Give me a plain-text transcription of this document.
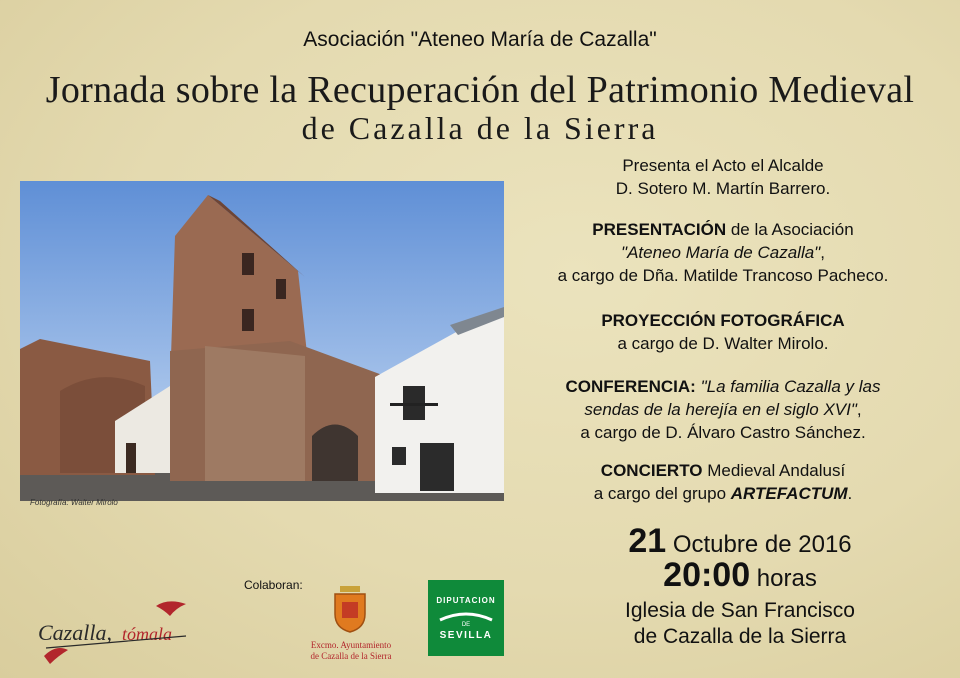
Asociación "Ateneo María de Cazalla"
Jornada sobre la Recuperación del Patrimonio Medieval
de Cazalla de la Sierra
Fotografía: Walter Mirolo
Presenta el Acto el Alcalde
D. Sotero M. Martín Barrero.
PRESENTACIÓN de la Asociación
"Ateneo María de Cazalla",
a cargo de Dña. Matilde Trancoso Pacheco.
PROYECCIÓN FOTOGRÁFICA
a cargo de D. Walter Mirolo.
CONFERENCIA: "La familia Cazalla y las
sendas de la herejía en el siglo XVI",
a cargo de D. Álvaro Castro Sánchez.
CONCIERTO Medieval Andalusí
a cargo del grupo ARTEFACTUM.
21 Octubre de 2016
20:00 horas
Iglesia de San Francisco
de Cazalla de la Sierra
Colaboran:
Cazalla, tómala
Excmo. Ayuntamiento
de Cazalla de la Sierra
DIPUTACION
DE
SEVILLA
